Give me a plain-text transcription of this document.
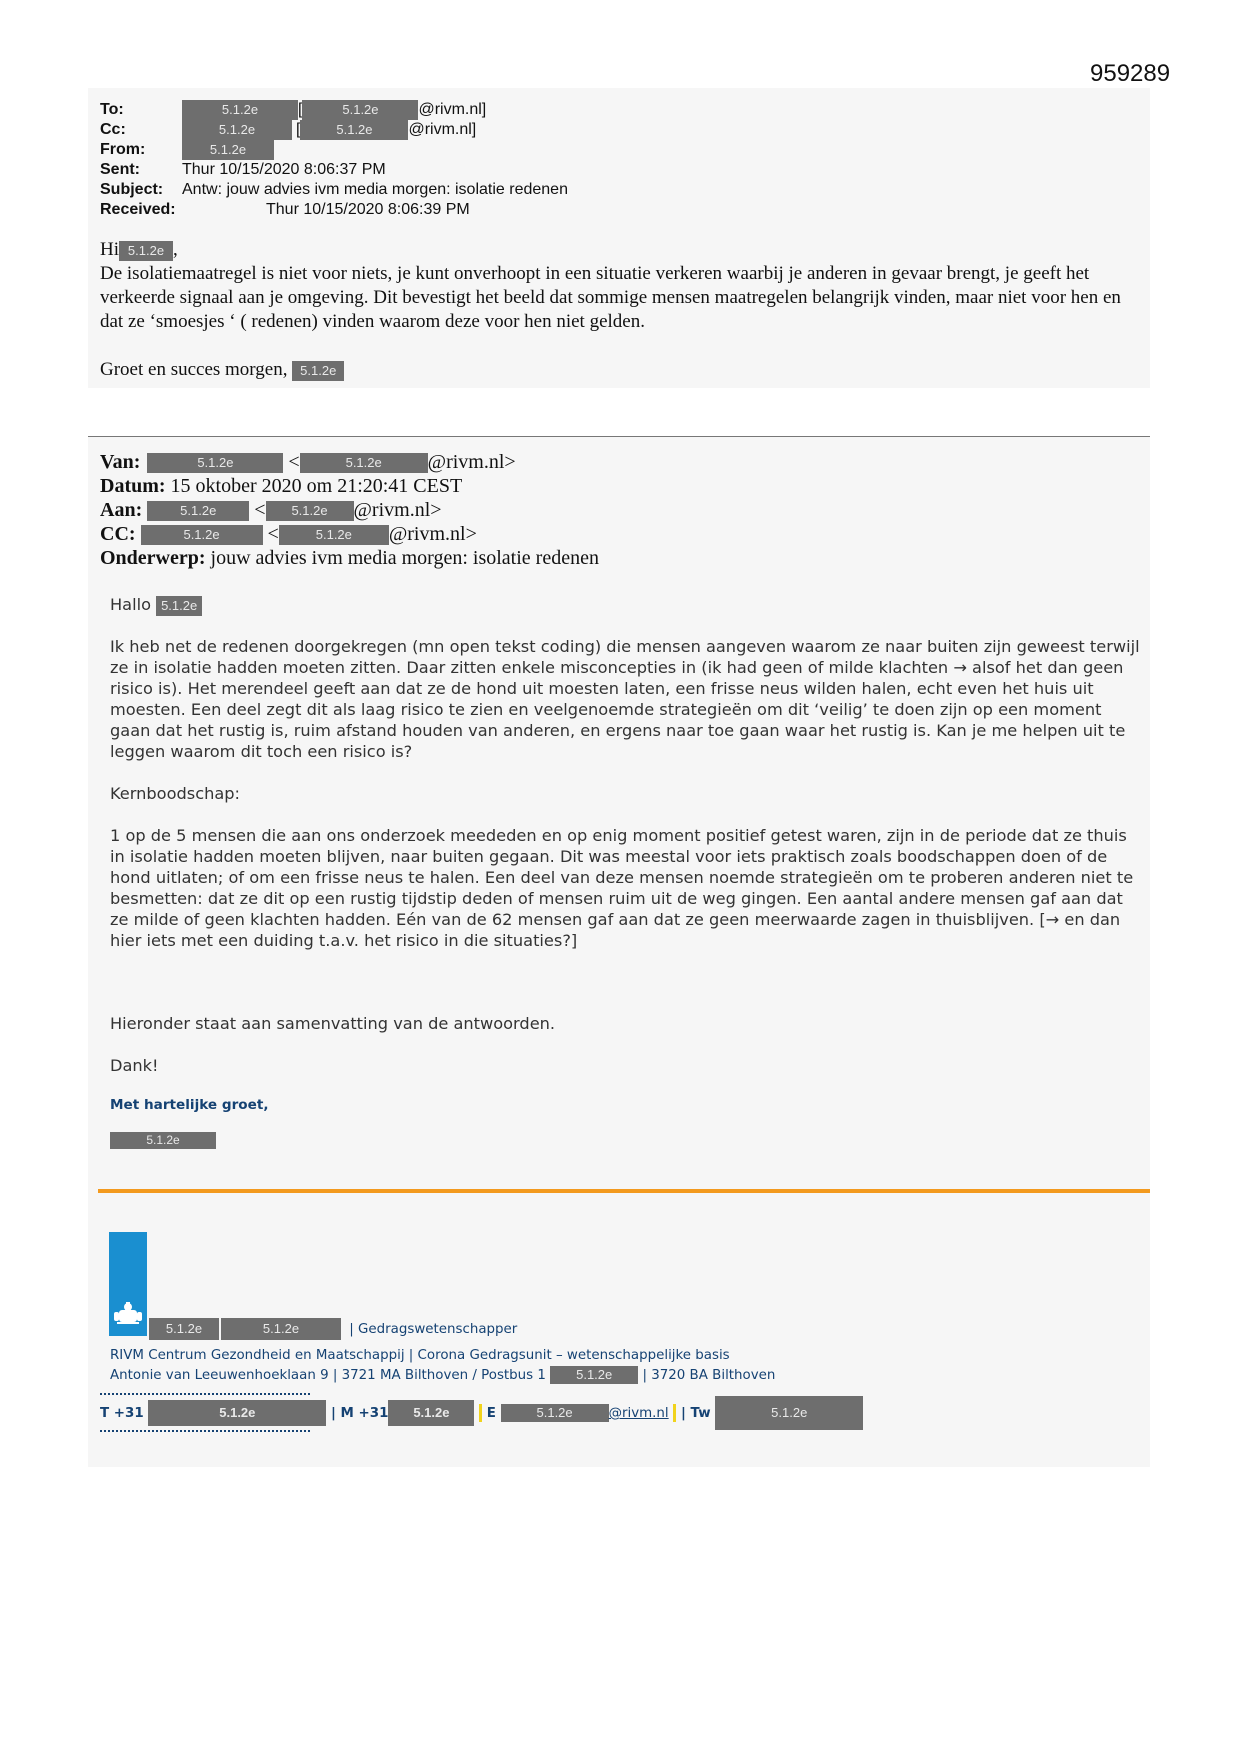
959289
To:	5.1.2e [	5.1.2e @rivm.nl]
Cc:	5.1.2e	[	5.1.2e @rivm.nl]
From:	5.1.2e
Sent:	Thur 10/15/2020 8:06:37 PM
Subject: Antw: jouw advies ivm media morgen: isolatie redenen
Received:	Thur 10/15/2020 8:06:39 PM
Hi 5.1.2e ,
De isolatiemaatregel is niet voor niets, je kunt onverhoopt in een situatie verkeren waarbij je anderen in gevaar brengt, je geeft het verkeerde signaal aan je omgeving. Dit bevestigt het beeld dat sommige mensen maatregelen belangrijk vinden, maar niet voor hen en dat ze ‘smoesjes ‘ ( redenen) vinden waarom deze voor hen niet gelden.
Groet en succes morgen, 5.1.2e
Van:	5.1.2e	<	5.1.2e @rivm.nl>
Datum: 15 oktober 2020 om 21:20:41 CEST
Aan:	5.1.2e < 5.1.2e @rivm.nl>
CC:	5.1.2e <	5.1.2e @rivm.nl>
Onderwerp: jouw advies ivm media morgen: isolatie redenen
Hallo 5.1.2e
Ik heb net de redenen doorgekregen (mn open tekst coding) die mensen aangeven waarom ze naar buiten zijn geweest terwijl ze in isolatie hadden moeten zitten. Daar zitten enkele misconcepties in (ik had geen of milde klachten → alsof het dan geen risico is). Het merendeel geeft aan dat ze de hond uit moesten laten, een frisse neus wilden halen, echt even het huis uit moesten. Een deel zegt dit als laag risico te zien en veelgenoemde strategieën om dit ‘veilig’ te doen zijn op een moment gaan dat het rustig is, ruim afstand houden van anderen, en ergens naar toe gaan waar het rustig is. Kan je me helpen uit te leggen waarom dit toch een risico is?
Kernboodschap:
1 op de 5 mensen die aan ons onderzoek meededen en op enig moment positief getest waren, zijn in de periode dat ze thuis in isolatie hadden moeten blijven, naar buiten gegaan. Dit was meestal voor iets praktisch zoals boodschappen doen of de hond uitlaten; of om een frisse neus te halen. Een deel van deze mensen noemde strategieën om te proberen anderen niet te besmetten: dat ze dit op een rustig tijdstip deden of mensen ruim uit de weg gingen. Een aantal andere mensen gaf aan dat ze milde of geen klachten hadden. Eén van de 62 mensen gaf aan dat ze geen meerwaarde zagen in thuisblijven. [→ en dan hier iets met een duiding t.a.v. het risico in die situaties?]
Hieronder staat aan samenvatting van de antwoorden.
Dank!
Met hartelijke groet,
5.1.2e
5.1.2e	5.1.2e	| Gedragswetenschapper
RIVM Centrum Gezondheid en Maatschappij | Corona Gedragsunit – wetenschappelijke basis
Antonie van Leeuwenhoeklaan 9 | 3721 MA Bilthoven / Postbus 1 5.1.2e | 3720 BA Bilthoven
T +31	5.1.2e	| M +31 5.1.2e	E	5.1.2e	@rivm.nl | Tw	5.1.2e
